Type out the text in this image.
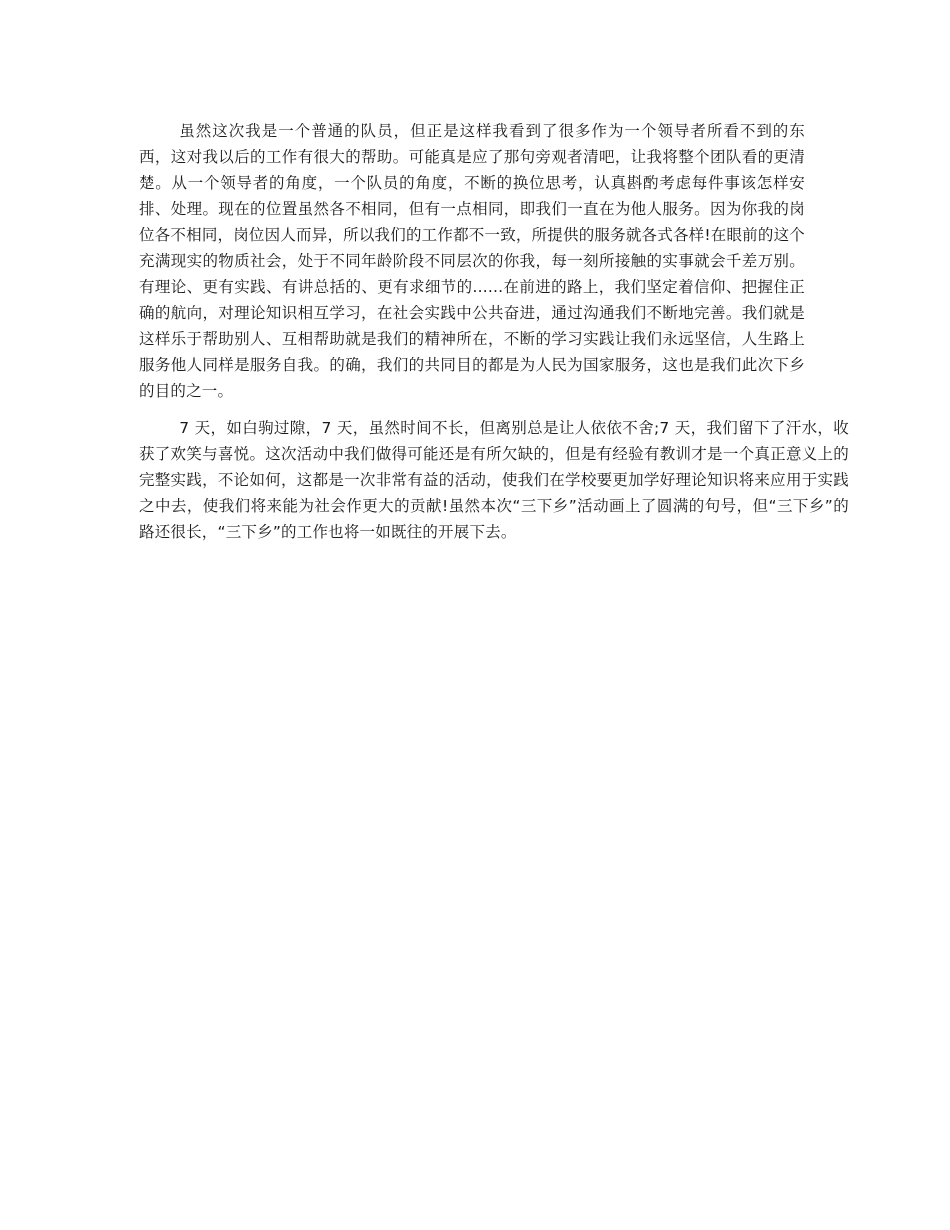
虽然这次我是一个普通的队员，但正是这样我看到了很多作为一个领导者所看不到的东西，这对我以后的工作有很大的帮助。可能真是应了那句旁观者清吧，让我将整个团队看的更清楚。从一个领导者的角度，一个队员的角度，不断的换位思考，认真斟酌考虑每件事该怎样安排、处理。现在的位置虽然各不相同，但有一点相同，即我们一直在为他人服务。因为你我的岗位各不相同，岗位因人而异，所以我们的工作都不一致，所提供的服务就各式各样!在眼前的这个充满现实的物质社会，处于不同年龄阶段不同层次的你我，每一刻所接触的实事就会千差万别。有理论、更有实践、有讲总括的、更有求细节的......在前进的路上，我们坚定着信仰、把握住正确的航向，对理论知识相互学习，在社会实践中公共奋进，通过沟通我们不断地完善。我们就是这样乐于帮助别人、互相帮助就是我们的精神所在，不断的学习实践让我们永远坚信，人生路上服务他人同样是服务自我。的确，我们的共同目的都是为人民为国家服务，这也是我们此次下乡的目的之一。

7 天，如白驹过隙，7 天，虽然时间不长，但离别总是让人依依不舍;7 天，我们留下了汗水，收获了欢笑与喜悦。这次活动中我们做得可能还是有所欠缺的，但是有经验有教训才是一个真正意义上的完整实践，不论如何，这都是一次非常有益的活动，使我们在学校要更加学好理论知识将来应用于实践之中去，使我们将来能为社会作更大的贡献!虽然本次“三下乡”活动画上了圆满的句号，但“三下乡”的路还很长，“三下乡”的工作也将一如既往的开展下去。
